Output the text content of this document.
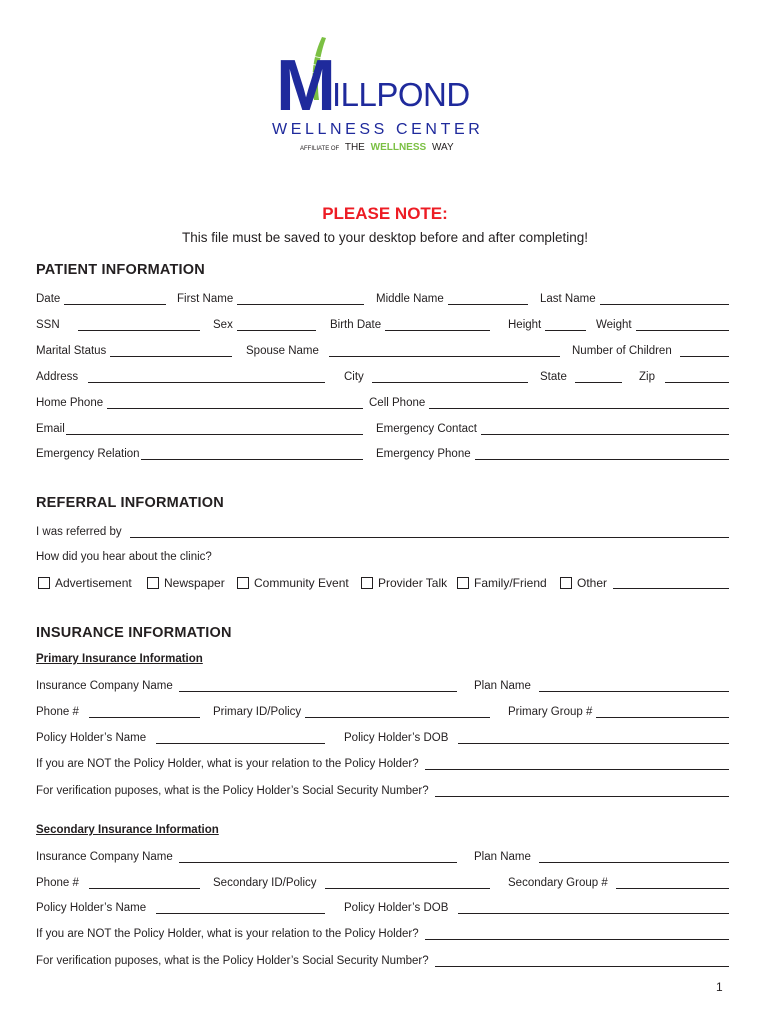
M
ILLPOND
WELLNESS CENTER
AFFILIATE OF THE WELLNESS WAY
PLEASE NOTE:
This file must be saved to your desktop before and after completing!
PATIENT INFORMATION
Date	First Name	Middle Name	Last Name
SSN	Sex	Birth Date	Height	Weight
Marital Status	Spouse Name	Number of Children
Address	City	State	Zip
Home Phone	Cell Phone
Email	Emergency Contact
Emergency Relation	Emergency Phone
REFERRAL INFORMATION
I was referred by
How did you hear about the clinic?
Advertisement	Newspaper Community Event Provider Talk Family/Friend	Other
INSURANCE INFORMATION
Primary Insurance Information
Insurance Company Name	Plan Name
Phone #	Primary ID/Policy	Primary Group #
Policy Holder’s Name	Policy Holder’s DOB
If you are NOT the Policy Holder, what is your relation to the Policy Holder?
For verification puposes, what is the Policy Holder’s Social Security Number?
Secondary Insurance Information
Insurance Company Name	Plan Name
Phone #	Secondary ID/Policy	Secondary Group #
Policy Holder’s Name	Policy Holder’s DOB
If you are NOT the Policy Holder, what is your relation to the Policy Holder?
For verification puposes, what is the Policy Holder’s Social Security Number?
1
